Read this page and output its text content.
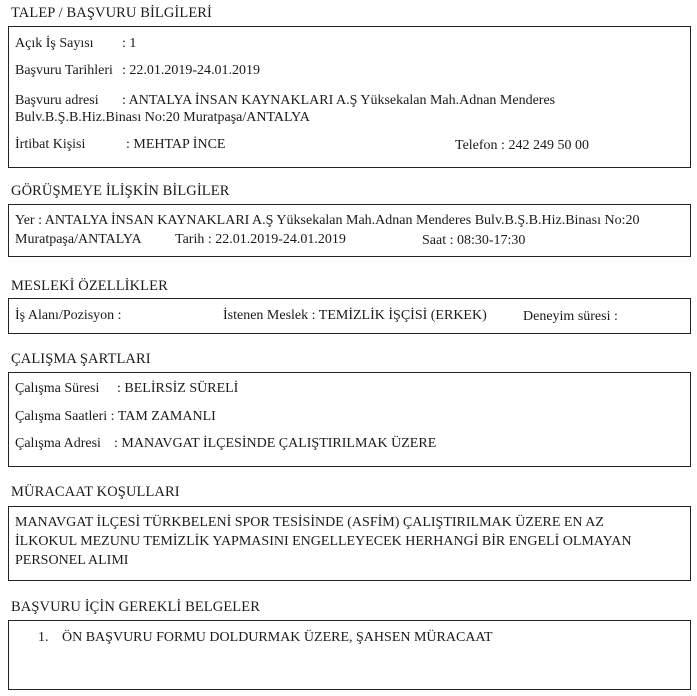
TALEP / BAŞVURU BİLGİLERİ
Açık İş Sayısı : 1
Başvuru Tarihleri : 22.01.2019-24.01.2019
Başvuru adresi : ANTALYA İNSAN KAYNAKLARI A.Ş Yüksekalan Mah.Adnan Menderes
Bulv.B.Ş.B.Hiz.Binası No:20 Muratpaşa/ANTALYA
İrtibat Kişisi	: MEHTAP İNCE	Telefon : 242 249 50 00
GÖRÜŞMEYE İLİŞKİN BİLGİLER
Yer : ANTALYA İNSAN KAYNAKLARI A.Ş Yüksekalan Mah.Adnan Menderes Bulv.B.Ş.B.Hiz.Binası No:20
Muratpaşa/ANTALYA Tarih : 22.01.2019-24.01.2019	Saat : 08:30-17:30
MESLEKİ ÖZELLİKLER
İş Alanı/Pozisyon :	İstenen Meslek : TEMİZLİK İŞÇİSİ (ERKEK)	Deneyim süresi :
ÇALIŞMA ŞARTLARI
Çalışma Süresi : BELİRSİZ SÜRELİ
Çalışma Saatleri : TAM ZAMANLI
Çalışma Adresi : MANAVGAT İLÇESİNDE ÇALIŞTIRILMAK ÜZERE
MÜRACAAT KOŞULLARI
MANAVGAT İLÇESİ TÜRKBELENİ SPOR TESİSİNDE (ASFİM) ÇALIŞTIRILMAK ÜZERE EN AZ
İLKOKUL MEZUNU TEMİZLİK YAPMASINI ENGELLEYECEK HERHANGİ BİR ENGELİ OLMAYAN
PERSONEL ALIMI
BAŞVURU İÇİN GEREKLİ BELGELER
1. ÖN BAŞVURU FORMU DOLDURMAK ÜZERE, ŞAHSEN MÜRACAAT
